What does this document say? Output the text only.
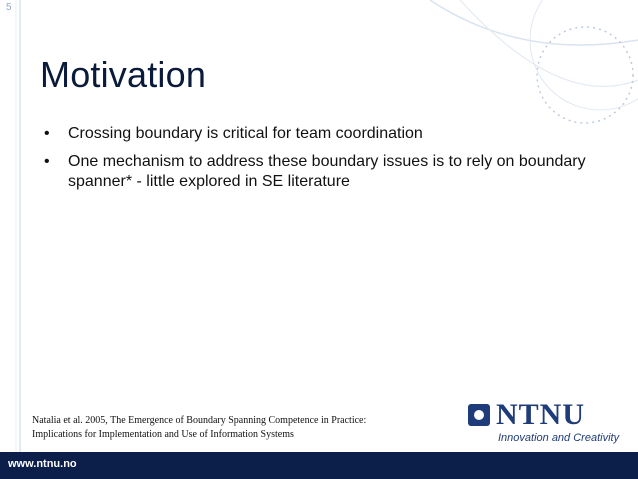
5
Motivation
• Crossing boundary is critical for team coordination
• One mechanism to address these boundary issues is to rely on boundary spanner* - little explored in SE literature
Natalia et al. 2005, The Emergence of Boundary Spanning Competence in Practice:
Implications for Implementation and Use of Information Systems
NTNU
Innovation and Creativity
www.ntnu.no
